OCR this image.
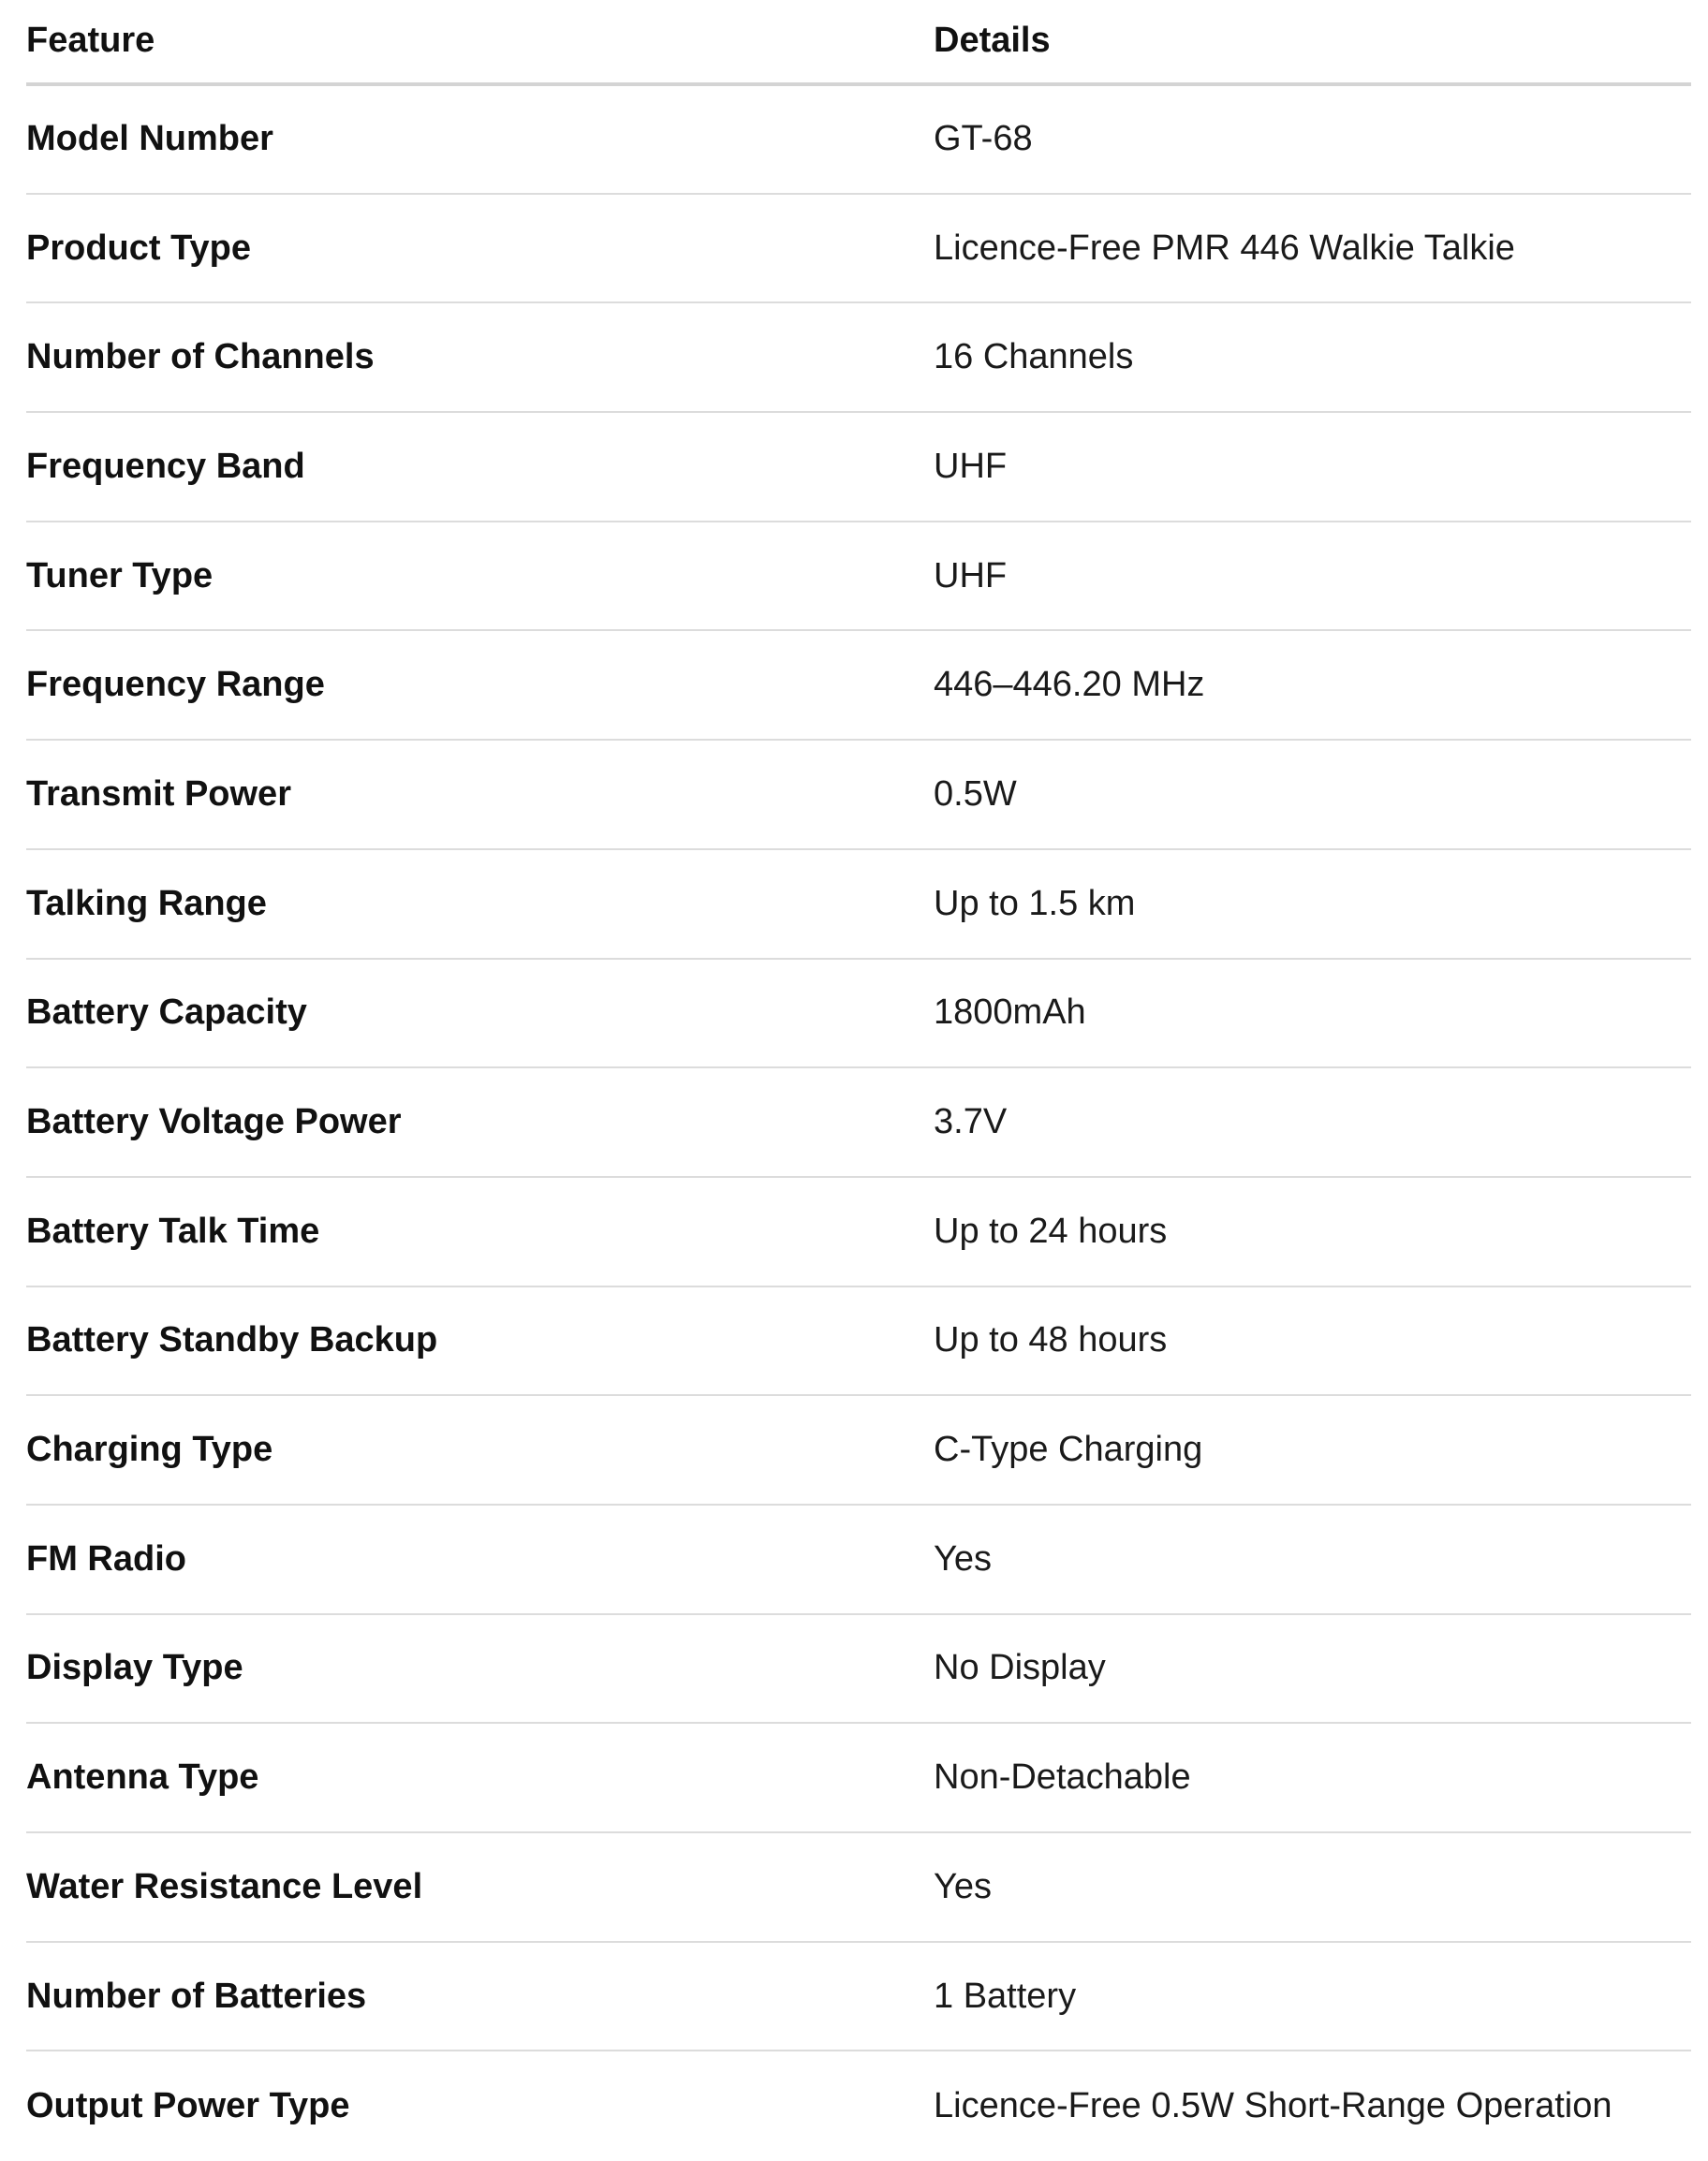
Feature	Details
Model Number	GT-68
Product Type	Licence-Free PMR 446 Walkie Talkie
Number of Channels	16 Channels
Frequency Band	UHF
Tuner Type	UHF
Frequency Range	446–446.20 MHz
Transmit Power	0.5W
Talking Range	Up to 1.5 km
Battery Capacity	1800mAh
Battery Voltage Power	3.7V
Battery Talk Time	Up to 24 hours
Battery Standby Backup	Up to 48 hours
Charging Type	C-Type Charging
FM Radio	Yes
Display Type	No Display
Antenna Type	Non-Detachable
Water Resistance Level	Yes
Number of Batteries	1 Battery
Output Power Type	Licence-Free 0.5W Short-Range Operation
